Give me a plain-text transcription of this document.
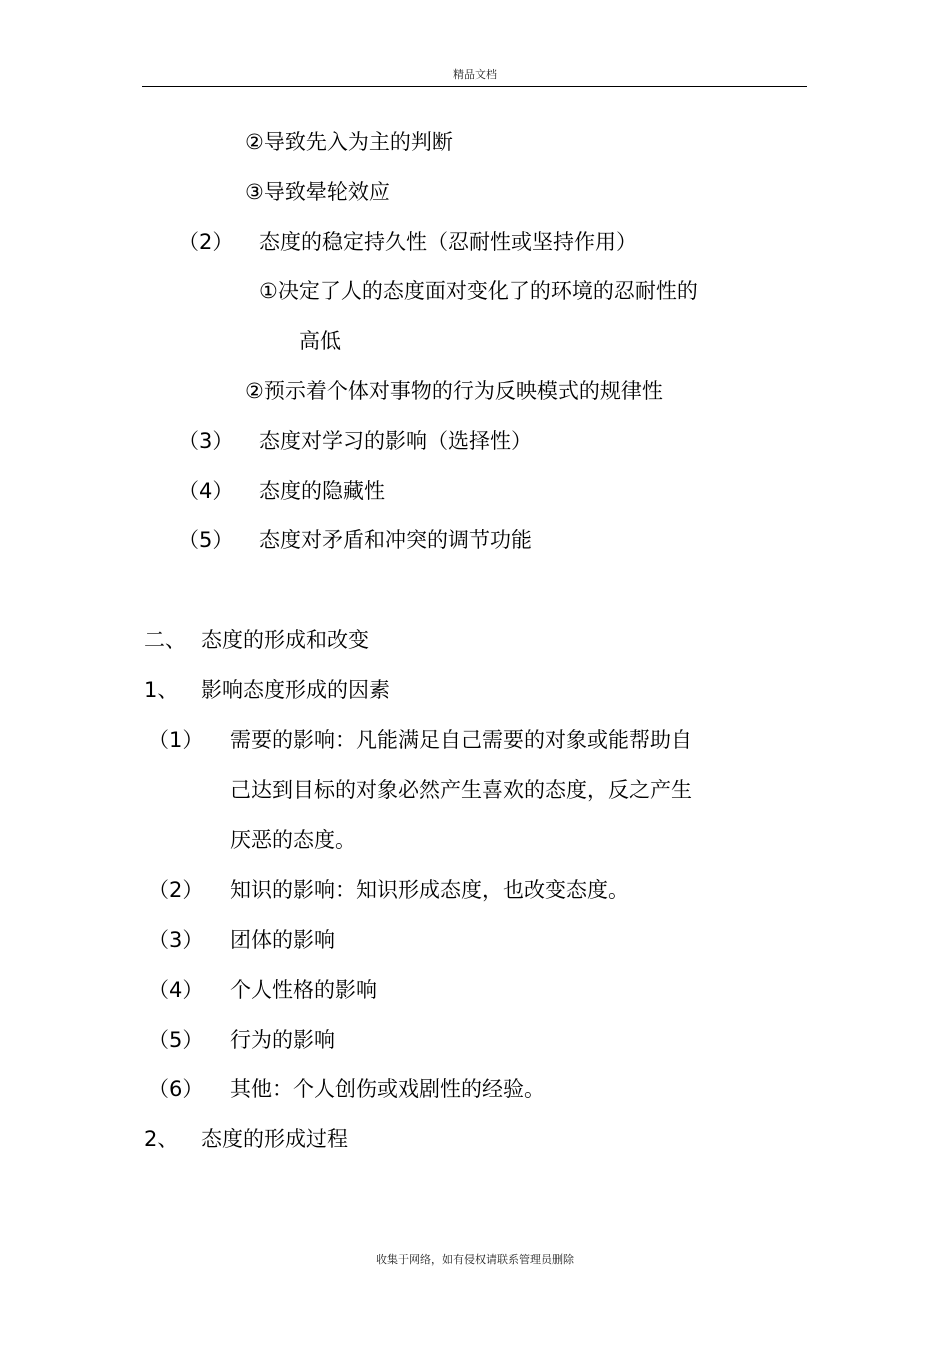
精品文档
②导致先入为主的判断
③导致晕轮效应
（2） 态度的稳定持久性（忍耐性或坚持作用）
①决定了人的态度面对变化了的环境的忍耐性的
高低
②预示着个体对事物的行为反映模式的规律性
（3） 态度对学习的影响（选择性）
（4） 态度的隐藏性
（5） 态度对矛盾和冲突的调节功能
二、 态度的形成和改变
1、 影响态度形成的因素
（1） 需要的影响：凡能满足自己需要的对象或能帮助自
己达到目标的对象必然产生喜欢的态度，反之产生
厌恶的态度。
（2） 知识的影响：知识形成态度，也改变态度。
（3） 团体的影响
（4） 个人性格的影响
（5） 行为的影响
（6） 其他：个人创伤或戏剧性的经验。
2、 态度的形成过程
收集于网络，如有侵权请联系管理员删除
